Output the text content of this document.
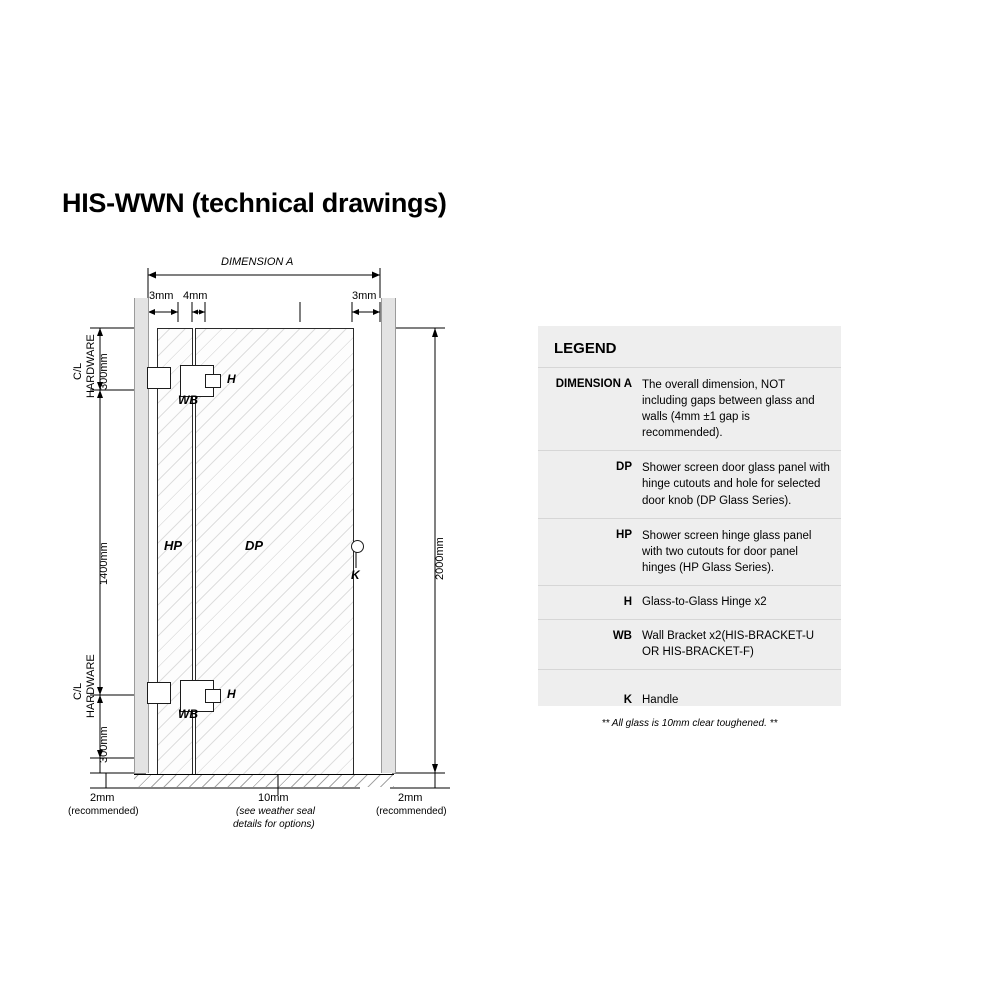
HIS-WWN (technical drawings)
DIMENSION A
3mm 4mm	3mm
C/L HARDWARE 300mm
1400mm
C/L HARDWARE
300mm
2000mm
HP	DP
H
H
WB
WB
K
2mm
(recommended)
10mm
(see weather seal
details for options)
2mm
(recommended)
LEGEND
DIMENSION A The overall dimension, NOT including gaps between glass and walls (4mm ±1 gap is recommended).
DP Shower screen door glass panel with hinge cutouts and hole for selected door knob (DP Glass Series).
HP Shower screen hinge glass panel with two cutouts for door panel hinges (HP Glass Series).
H Glass-to-Glass Hinge x2
WB Wall Bracket x2(HIS-BRACKET-U OR HIS-BRACKET-F)
K Handle
** All glass is 10mm clear toughened. **
